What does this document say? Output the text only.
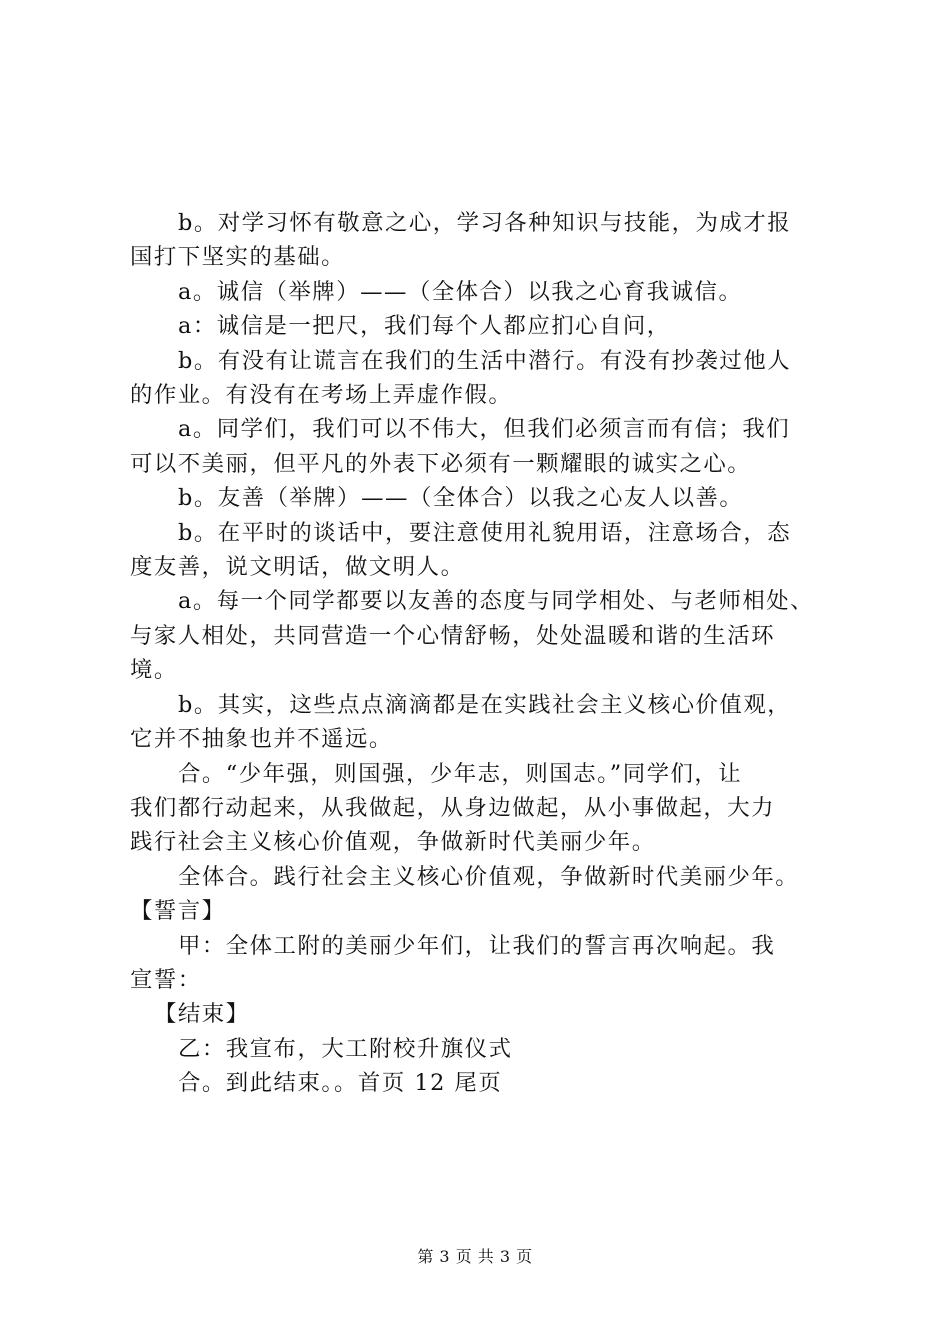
b。对学习怀有敬意之心，学习各种知识与技能，为成才报

国打下坚实的基础。

a。诚信（举牌）——（全体合）以我之心育我诚信。

a：诚信是一把尺，我们每个人都应扪心自问，

b。有没有让谎言在我们的生活中潜行。有没有抄袭过他人

的作业。有没有在考场上弄虚作假。

a。同学们，我们可以不伟大，但我们必须言而有信；我们

可以不美丽，但平凡的外表下必须有一颗耀眼的诚实之心。

b。友善（举牌）——（全体合）以我之心友人以善。

b。在平时的谈话中，要注意使用礼貌用语，注意场合，态

度友善，说文明话，做文明人。

a。每一个同学都要以友善的态度与同学相处、与老师相处、

与家人相处，共同营造一个心情舒畅，处处温暖和谐的生活环

境。

b。其实，这些点点滴滴都是在实践社会主义核心价值观，

它并不抽象也并不遥远。

合。“少年强，则国强，少年志，则国志。”同学们，让

我们都行动起来，从我做起，从身边做起，从小事做起，大力

践行社会主义核心价值观，争做新时代美丽少年。

全体合。践行社会主义核心价值观，争做新时代美丽少年。

【誓言】

甲：全体工附的美丽少年们，让我们的誓言再次响起。我

宣誓：

【结束】

乙：我宣布，大工附校升旗仪式

合。到此结束。。首页 12 尾页

第 3 页 共 3 页
